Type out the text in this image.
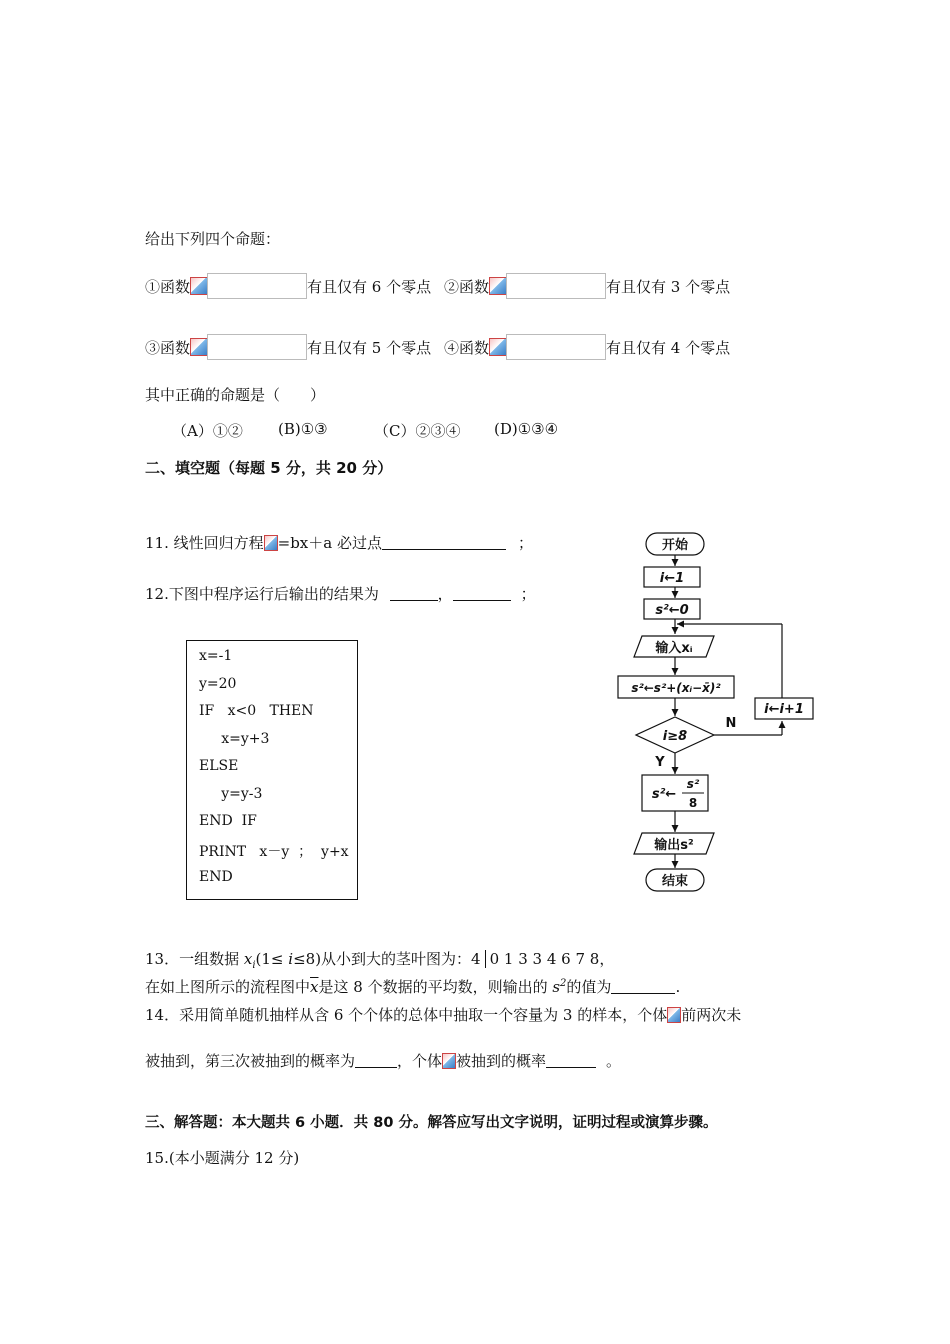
给出下列四个命题：
①函数	有且仅有 6 个零点 ②函数	有且仅有 3 个零点
③函数	有且仅有 5 个零点 ④函数	有且仅有 4 个零点
其中正确的命题是（　　）
（A）①② (B)①③	（C）②③④ (D)①③④
二、填空题（每题 5 分，共 20 分）
11. 线性回归方程 =bx＋a 必过点	；
12.下图中程序运行后输出的结果为	，	；
x=-1
y=20
IF   x<0   THEN
x=y+3
ELSE
y=y-3
END  IF
PRINT   x－y  ；  y+x
END
开始
i←1
s²←0
输入xᵢ
s²←s²+(xᵢ−x̄)²
i≥8
i←i+1
N
Y
s²←
s²
8
输出s²
结束
13．一组数据 $x_i(1\le i\le 8)$从小到大的茎叶图为：4 0 1 3 3 4 6 7 8，
在如上图所示的流程图中$\overline{x}$是这 8 个数据的平均数，则输出的 $s^2$的值为	.
14．采用简单随机抽样从含 6 个个体的总体中抽取一个容量为 3 的样本，个体 前两次未
被抽到，第三次被抽到的概率为	，个体 被抽到的概率	。
三、解答题：本大题共 6 小题．共 80 分。解答应写出文字说明，证明过程或演算步骤。
15.(本小题满分 12 分)
